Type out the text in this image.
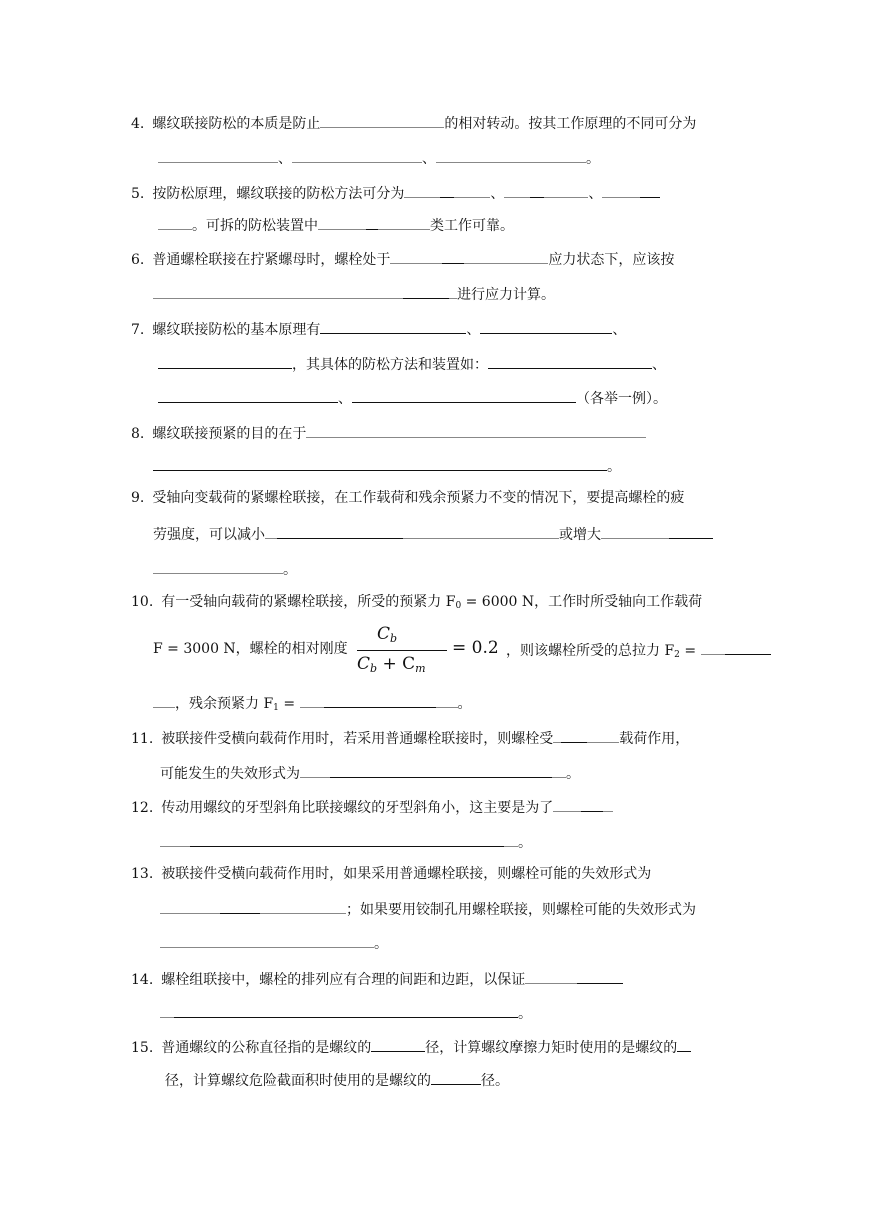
4. 螺纹联接防松的本质是防止	的相对转动。按其工作原理的不同可分为
、	、	。
5. 按防松原理，螺纹联接的防松方法可分为	、	、
。可拆的防松装置中	类工作可靠。
6. 普通螺栓联接在拧紧螺母时，螺栓处于	应力状态下，应该按
进行应力计算。
7. 螺纹联接防松的基本原理有	、	、
，其具体的防松方法和装置如：	、
、	（各举一例）。
8. 螺纹联接预紧的目的在于
。
9. 受轴向变载荷的紧螺栓联接，在工作载荷和残余预紧力不变的情况下，要提高螺栓的疲
劳强度，可以减小	或增大
。
10. 有一受轴向载荷的紧螺栓联接，所受的预紧力 $F_0 = 6000$ N，工作时所受轴向工作载荷
F = 3000 N，螺栓的相对刚度
Cb
Cb + Cm
= 0.2 ，则该螺栓所受的总拉力 $F_2$ =
，残余预紧力 $F_1$ =	。
11. 被联接件受横向载荷作用时，若采用普通螺栓联接时，则螺栓受	载荷作用，
可能发生的失效形式为	。
12. 传动用螺纹的牙型斜角比联接螺纹的牙型斜角小，这主要是为了
。
13. 被联接件受横向载荷作用时，如果采用普通螺栓联接，则螺栓可能的失效形式为
；如果要用铰制孔用螺栓联接，则螺栓可能的失效形式为
。
14. 螺栓组联接中，螺栓的排列应有合理的间距和边距，以保证
。
15. 普通螺纹的公称直径指的是螺纹的	径，计算螺纹摩擦力矩时使用的是螺纹的
径，计算螺纹危险截面积时使用的是螺纹的	径。
